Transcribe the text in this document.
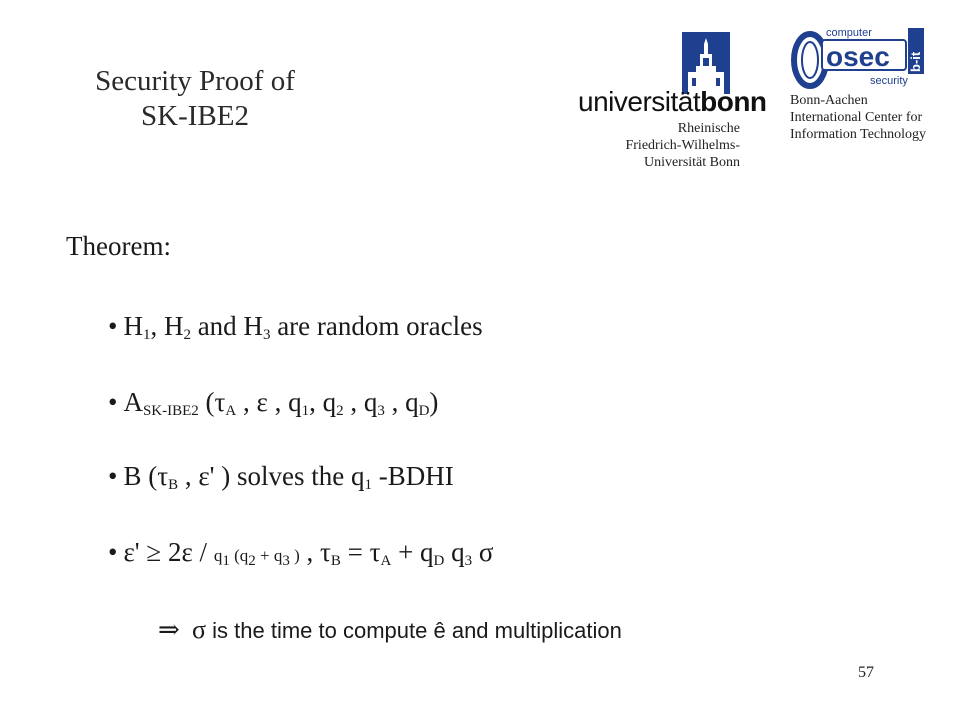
Security Proof of
SK-IBE2	universitätbonn
Rheinische
Friedrich-Wilhelms-
Universität Bonn
computer
osec b-it
security
Bonn-Aachen
International Center for
Information Technology
Theorem:
• $H_1$, $H_2$ and $H_3$ are random oracles
• $A_{SK-IBE2}$ ($\tau_A$ , ε , $q_1$, $q_2$ , $q_3$ , $q_D$)
• B ($\tau_B$ , ε' ) solves the $q_1$ -BDHI
• $\varepsilon' \ge 2\varepsilon / q_1$ ($q_2 + q_3$ ) , $\tau_B = \tau_A + q_D$ $q_3$ σ
⇒ σ is the time to compute ê and multiplication
57
